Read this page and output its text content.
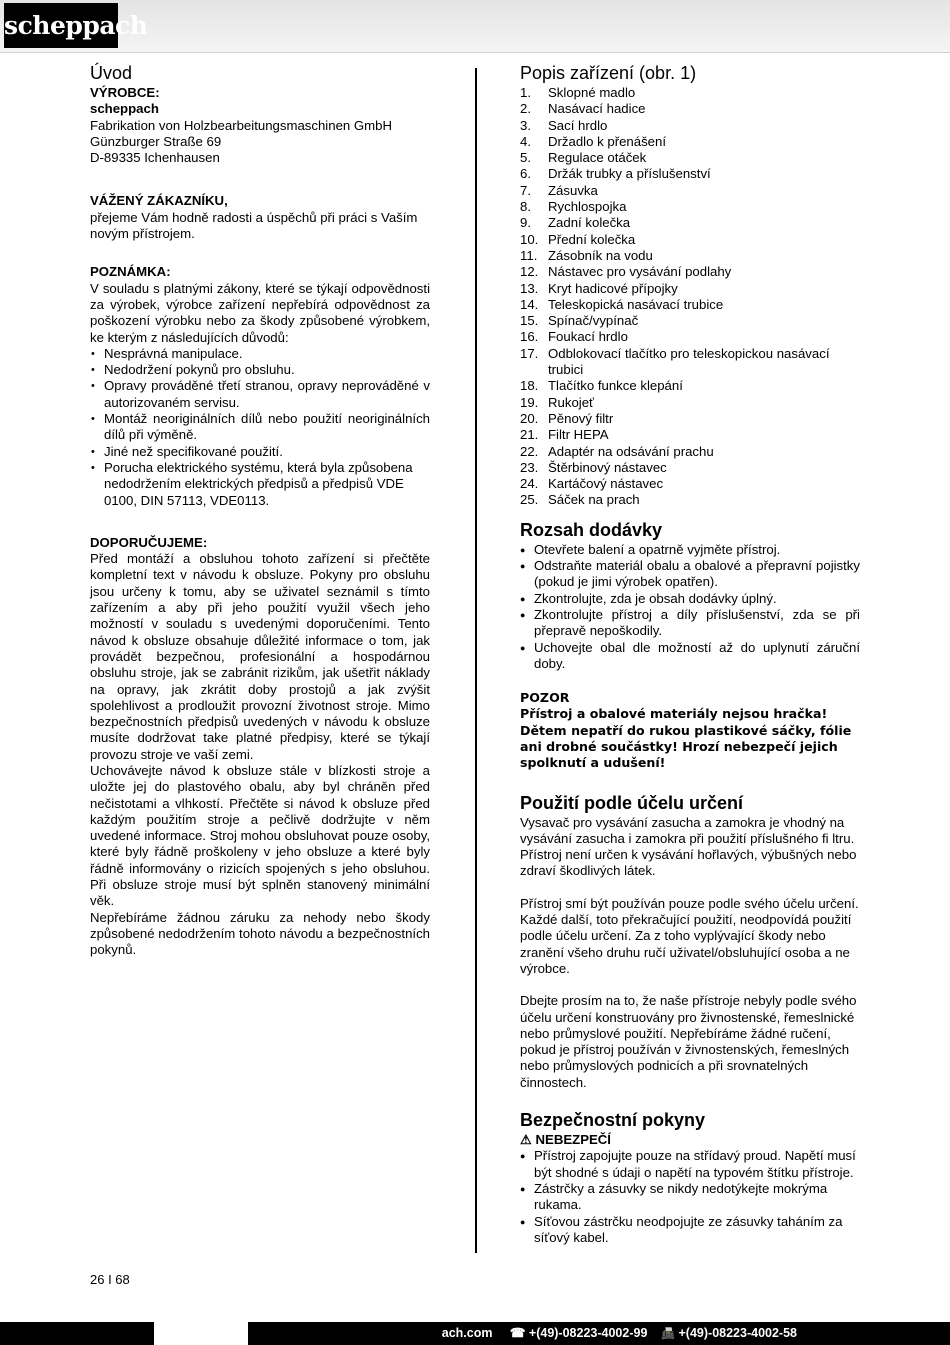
scheppach
Úvod
VÝROBCE:
scheppach
Fabrikation von Holzbearbeitungsmaschinen GmbH
Günzburger Straße 69
D-89335 Ichenhausen
VÁŽENÝ ZÁKAZNÍKU,

přejeme Vám hodně radosti a úspěchů při práci s Vaším novým přístrojem.

POZNÁMKA:

V souladu s platnými zákony, které se týkají odpovědnosti za výrobek, výrobce zařízení nepřebírá odpovědnost za poškození výrobku nebo za škody způsobené výrobkem, ke kterým z následujících důvodů:

• Nesprávná manipulace.
• Nedodržení pokynů pro obsluhu.
• Opravy prováděné třetí stranou, opravy neprováděné v autorizovaném servisu.
• Montáž neoriginálních dílů nebo použití neoriginálních dílů při výměně.
• Jiné než specifikované použití.
• Porucha elektrického systému, která byla způsobena nedodržením elektrických předpisů a předpisů VDE 0100, DIN 57113, VDE0113.
DOPORUČUJEME:

Před montáží a obsluhou tohoto zařízení si přečtěte kompletní text v návodu k obsluze. Pokyny pro obsluhu jsou určeny k tomu, aby se uživatel seznámil s tímto zařízením a aby při jeho použití využil všech jeho možností v souladu s uvedenými doporučeními. Tento návod k obsluze obsahuje důležité informace o tom, jak provádět bezpečnou, profesionální a hospodárnou obsluhu stroje, jak se zabránit rizikům, jak ušetřit náklady na opravy, jak zkrátit doby prostojů a jak zvýšit spolehlivost a prodloužit provozní životnost stroje. Mimo bezpečnostních předpisů uvedených v návodu k obsluze musíte dodržovat take platné předpisy, které se týkají provozu stroje ve vaší zemi.

Uchovávejte návod k obsluze stále v blízkosti stroje a uložte jej do plastového obalu, aby byl chráněn před nečistotami a vlhkostí. Přečtěte si návod k obsluze před každým použitím stroje a pečlivě dodržujte v něm uvedené informace. Stroj mohou obsluhovat pouze osoby, které byly řádně proškoleny v jeho obsluze a které byly řádně informovány o rizicích spojených s jeho obsluhou. Při obsluze stroje musí být splněn stanovený minimální věk.

Nepřebíráme žádnou záruku za nehody nebo škody způsobené nedodržením tohoto návodu a bezpečnostních pokynů.

Popis zařízení (obr. 1)
1. Sklopné madlo
2. Nasávací hadice
3. Sací hrdlo
4. Držadlo k přenášení
5. Regulace otáček
6. Držák trubky a příslušenství
7. Zásuvka
8. Rychlospojka
9. Zadní kolečka
10. Přední kolečka
11. Zásobník na vodu
12. Nástavec pro vysávání podlahy
13. Kryt hadicové přípojky
14. Teleskopická nasávací trubice
15. Spínač/vypínač
16. Foukací hrdlo
17. Odblokovací tlačítko pro teleskopickou nasávací trubici
18. Tlačítko funkce klepání
19. Rukojeť
20. Pěnový filtr
21. Filtr HEPA
22. Adaptér na odsávání prachu
23. Štěrbinový nástavec
24. Kartáčový nástavec
25. Sáček na prach
Rozsah dodávky
● Otevřete balení a opatrně vyjměte přístroj.
● Odstraňte materiál obalu a obalové a přepravní pojistky (pokud je jimi výrobek opatřen).
● Zkontrolujte, zda je obsah dodávky úplný.
● Zkontrolujte přístroj a díly příslušenství, zda se při přepravě nepoškodily.
● Uchovejte obal dle možností až do uplynutí záruční doby.
POZOR
Přístroj a obalové materiály nejsou hračka! Dětem nepatří do rukou plastikové sáčky, fólie ani drobné součástky! Hrozí nebezpečí jejich spolknutí a udušení!
Použití podle účelu určení

Vysavač pro vysávání zasucha a zamokra je vhodný na vysávání zasucha i zamokra při použití příslušného fi ltru. Přístroj není určen k vysávání hořlavých, výbušných nebo zdraví škodlivých látek.

Přístroj smí být používán pouze podle svého účelu určení. Každé další, toto překračující použití, neodpovídá použití podle účelu určení. Za z toho vyplývající škody nebo zranění všeho druhu ručí uživatel/obsluhující osoba a ne výrobce.

Dbejte prosím na to, že naše přístroje nebyly podle svého účelu určení konstruovány pro živnostenské, řemeslnické nebo průmyslové použití. Nepřebíráme žádné ručení, pokud je přístroj používán v živnostenských, řemeslných nebo průmyslových podnicích a při srovnatelných činnostech.

Bezpečnostní pokyny
⚠ NEBEZPEČÍ
● Přístroj zapojujte pouze na střídavý proud. Napětí musí být shodné s údaji o napětí na typovém štítku přístroje.
● Zástrčky a zásuvky se nikdy nedotýkejte mokrýma rukama.
● Síťovou zástrčku neodpojujte ze zásuvky taháním za síťový kabel.
26 I 68
ach.com ☎ +(49)-08223-4002-99 📠 +(49)-08223-4002-58
